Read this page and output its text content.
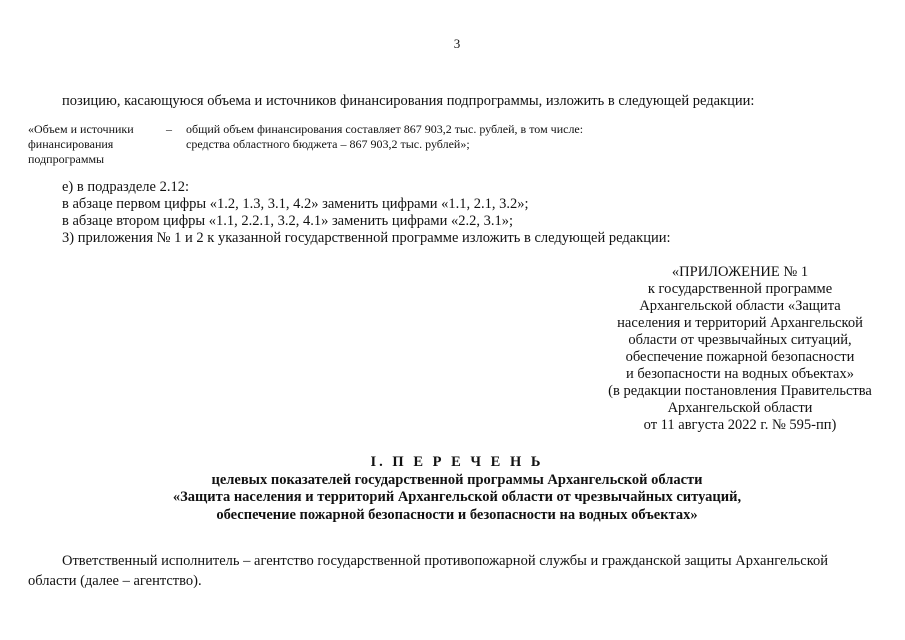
3
позицию, касающуюся объема и источников финансирования подпрограммы, изложить в следующей редакции:
«Объем и источники
финансирования
подпрограммы
– общий объем финансирования составляет 867 903,2 тыс. рублей, в том числе:
средства областного бюджета – 867 903,2 тыс. рублей»;
е) в подразделе 2.12:
в абзаце первом цифры «1.2, 1.3, 3.1, 4.2» заменить цифрами «1.1, 2.1, 3.2»;
в абзаце втором цифры «1.1, 2.2.1, 3.2, 4.1» заменить цифрами «2.2, 3.1»;
3) приложения № 1 и 2 к указанной государственной программе изложить в следующей редакции:
«ПРИЛОЖЕНИЕ № 1
к государственной программе
Архангельской области «Защита
населения и территорий Архангельской
области от чрезвычайных ситуаций,
обеспечение пожарной безопасности
и безопасности на водных объектах»
(в редакции постановления Правительства
Архангельской области
от 11 августа 2022 г. № 595-пп)
I. П Е Р Е Ч Е Н Ь
целевых показателей государственной программы Архангельской области
«Защита населения и территорий Архангельской области от чрезвычайных ситуаций,
обеспечение пожарной безопасности и безопасности на водных объектах»
Ответственный исполнитель – агентство государственной противопожарной службы и гражданской защиты Архангельской
области (далее – агентство).
